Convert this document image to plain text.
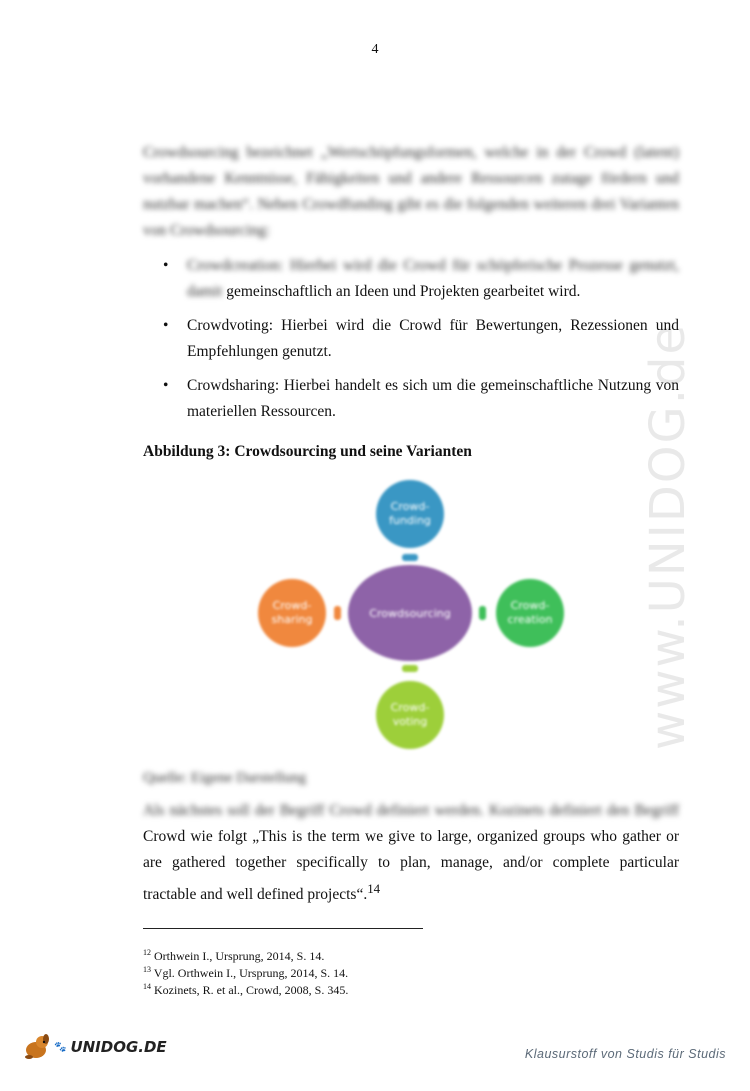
4
www.UNIDOG.de
Crowdsourcing bezeichnet „Wertschöpfungsformen, welche in der Crowd (latent) vorhandene Kenntnisse, Fähigkeiten und andere Ressourcen zutage fördern und nutzbar machen“. Neben Crowdfunding gibt es die folgenden weiteren drei Varianten von Crowdsourcing:
• Crowdcreation: Hierbei wird die Crowd für schöpferische Prozesse genutzt, damit gemeinschaftlich an Ideen und Projekten gearbeitet wird.
• Crowdvoting: Hierbei wird die Crowd für Bewertungen, Rezessionen und Empfehlungen genutzt.
• Crowdsharing: Hierbei handelt es sich um die gemeinschaftliche Nutzung von materiellen Ressourcen.
Abbildung 3: Crowdsourcing und seine Varianten
Crowdsourcing
Crowd-
funding
Crowd-
sharing
Crowd-
creation
Crowd-
voting
Quelle: Eigene Darstellung
Als nächstes soll der Begriff Crowd definiert werden. Kozinets definiert den Begriff Crowd wie folgt „This is the term we give to large, organized groups who gather or are gathered together specifically to plan, manage, and/or complete particular tractable and well defined projects“.$^{14}$
$^{12}$ Orthwein I., Ursprung, 2014, S. 14.
$^{13}$ Vgl. Orthwein I., Ursprung, 2014, S. 14.
$^{14}$ Kozinets, R. et al., Crowd, 2008, S. 345.
🐾 UNIDOG.DE	Klausurstoff von Studis für Studis
